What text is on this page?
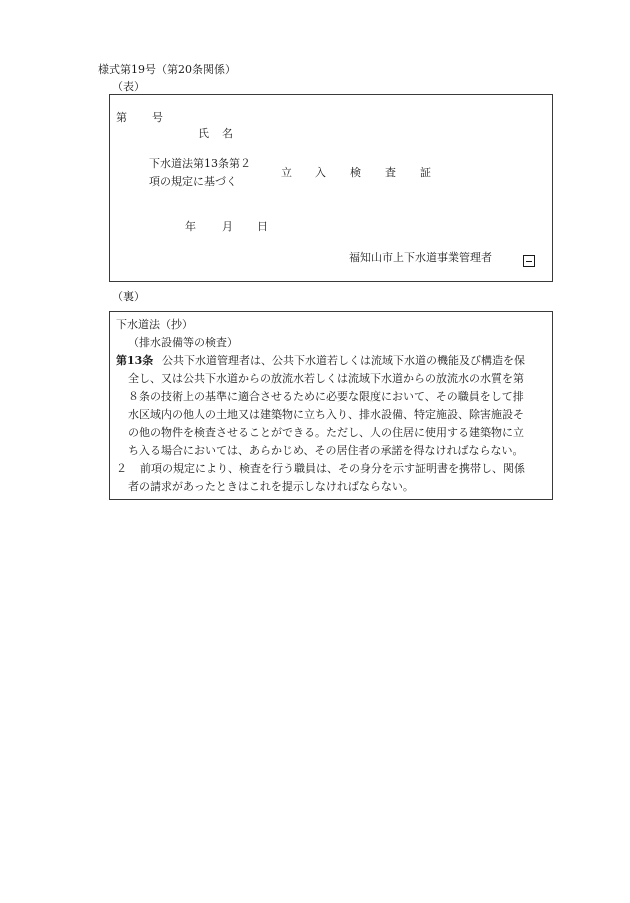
様式第19号（第20条関係）
（表）
第 号
氏 名
下水道法第13条第２
項の規定に基づく
立 入 検 査 証
年 月 日
福知山市上下水道事業管理者
（裏）
下水道法（抄）
（排水設備等の検査）
第13条 公共下水道管理者は、公共下水道若しくは流域下水道の機能及び構造を保
全し、又は公共下水道からの放流水若しくは流域下水道からの放流水の水質を第
８条の技術上の基準に適合させるために必要な限度において、その職員をして排
水区域内の他人の土地又は建築物に立ち入り、排水設備、特定施設、除害施設そ
の他の物件を検査させることができる。ただし、人の住居に使用する建築物に立
ち入る場合においては、あらかじめ、その居住者の承諾を得なければならない。
２ 前項の規定により、検査を行う職員は、その身分を示す証明書を携帯し、関係
者の請求があったときはこれを提示しなければならない。
